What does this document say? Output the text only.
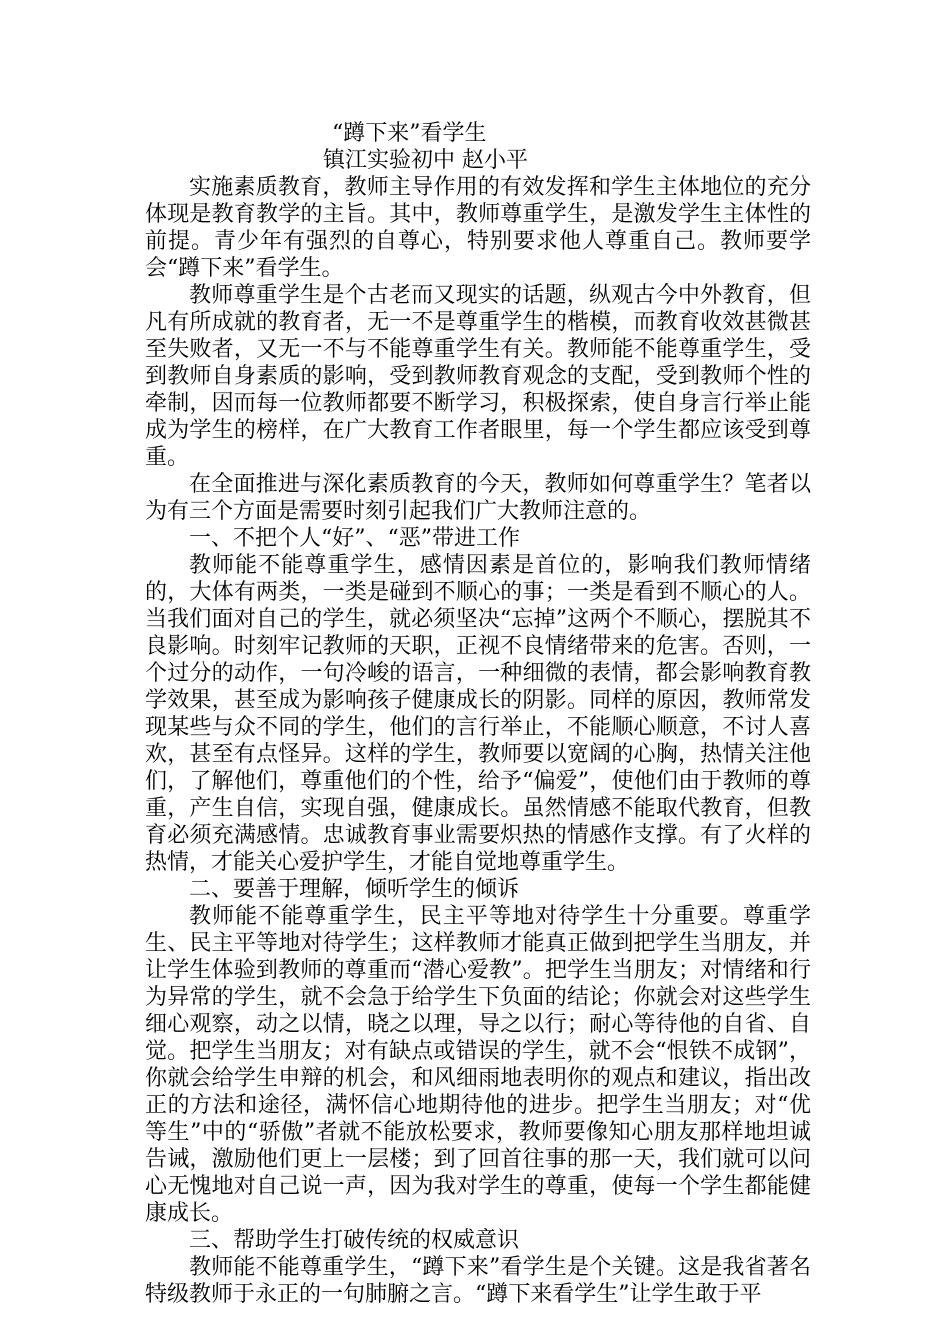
“蹲下来”看学生

镇江实验初中 赵小平

实施素质教育，教师主导作用的有效发挥和学生主体地位的充分体现是教育教学的主旨。其中，教师尊重学生，是激发学生主体性的前提。青少年有强烈的自尊心，特别要求他人尊重自己。教师要学会“蹲下来”看学生。

教师尊重学生是个古老而又现实的话题，纵观古今中外教育，但凡有所成就的教育者，无一不是尊重学生的楷模，而教育收效甚微甚至失败者，又无一不与不能尊重学生有关。教师能不能尊重学生，受到教师自身素质的影响，受到教师教育观念的支配，受到教师个性的牵制，因而每一位教师都要不断学习，积极探索，使自身言行举止能成为学生的榜样，在广大教育工作者眼里，每一个学生都应该受到尊重。

在全面推进与深化素质教育的今天，教师如何尊重学生？笔者以为有三个方面是需要时刻引起我们广大教师注意的。

一、不把个人“好”、“恶”带进工作

教师能不能尊重学生，感情因素是首位的，影响我们教师情绪的，大体有两类，一类是碰到不顺心的事；一类是看到不顺心的人。当我们面对自己的学生，就必须坚决“忘掉”这两个不顺心，摆脱其不良影响。时刻牢记教师的天职，正视不良情绪带来的危害。否则，一个过分的动作，一句冷峻的语言，一种细微的表情，都会影响教育教学效果，甚至成为影响孩子健康成长的阴影。同样的原因，教师常发现某些与众不同的学生，他们的言行举止，不能顺心顺意，不讨人喜欢，甚至有点怪异。这样的学生，教师要以宽阔的心胸，热情关注他们，了解他们，尊重他们的个性，给予“偏爱”，使他们由于教师的尊重，产生自信，实现自强，健康成长。虽然情感不能取代教育，但教育必须充满感情。忠诚教育事业需要炽热的情感作支撑。有了火样的热情，才能关心爱护学生，才能自觉地尊重学生。

二、要善于理解，倾听学生的倾诉

教师能不能尊重学生，民主平等地对待学生十分重要。尊重学生、民主平等地对待学生；这样教师才能真正做到把学生当朋友，并让学生体验到教师的尊重而“潜心爱教”。把学生当朋友；对情绪和行为异常的学生，就不会急于给学生下负面的结论；你就会对这些学生细心观察，动之以情，晓之以理，导之以行；耐心等待他的自省、自觉。把学生当朋友；对有缺点或错误的学生，就不会“恨铁不成钢”，你就会给学生申辩的机会，和风细雨地表明你的观点和建议，指出改正的方法和途径，满怀信心地期待他的进步。把学生当朋友；对“优等生”中的“骄傲”者就不能放松要求，教师要像知心朋友那样地坦诚告诫，激励他们更上一层楼；到了回首往事的那一天，我们就可以问心无愧地对自己说一声，因为我对学生的尊重，使每一个学生都能健康成长。

三、帮助学生打破传统的权威意识

教师能不能尊重学生，“蹲下来”看学生是个关键。这是我省著名特级教师于永正的一句肺腑之言。“蹲下来看学生”让学生敢于平
